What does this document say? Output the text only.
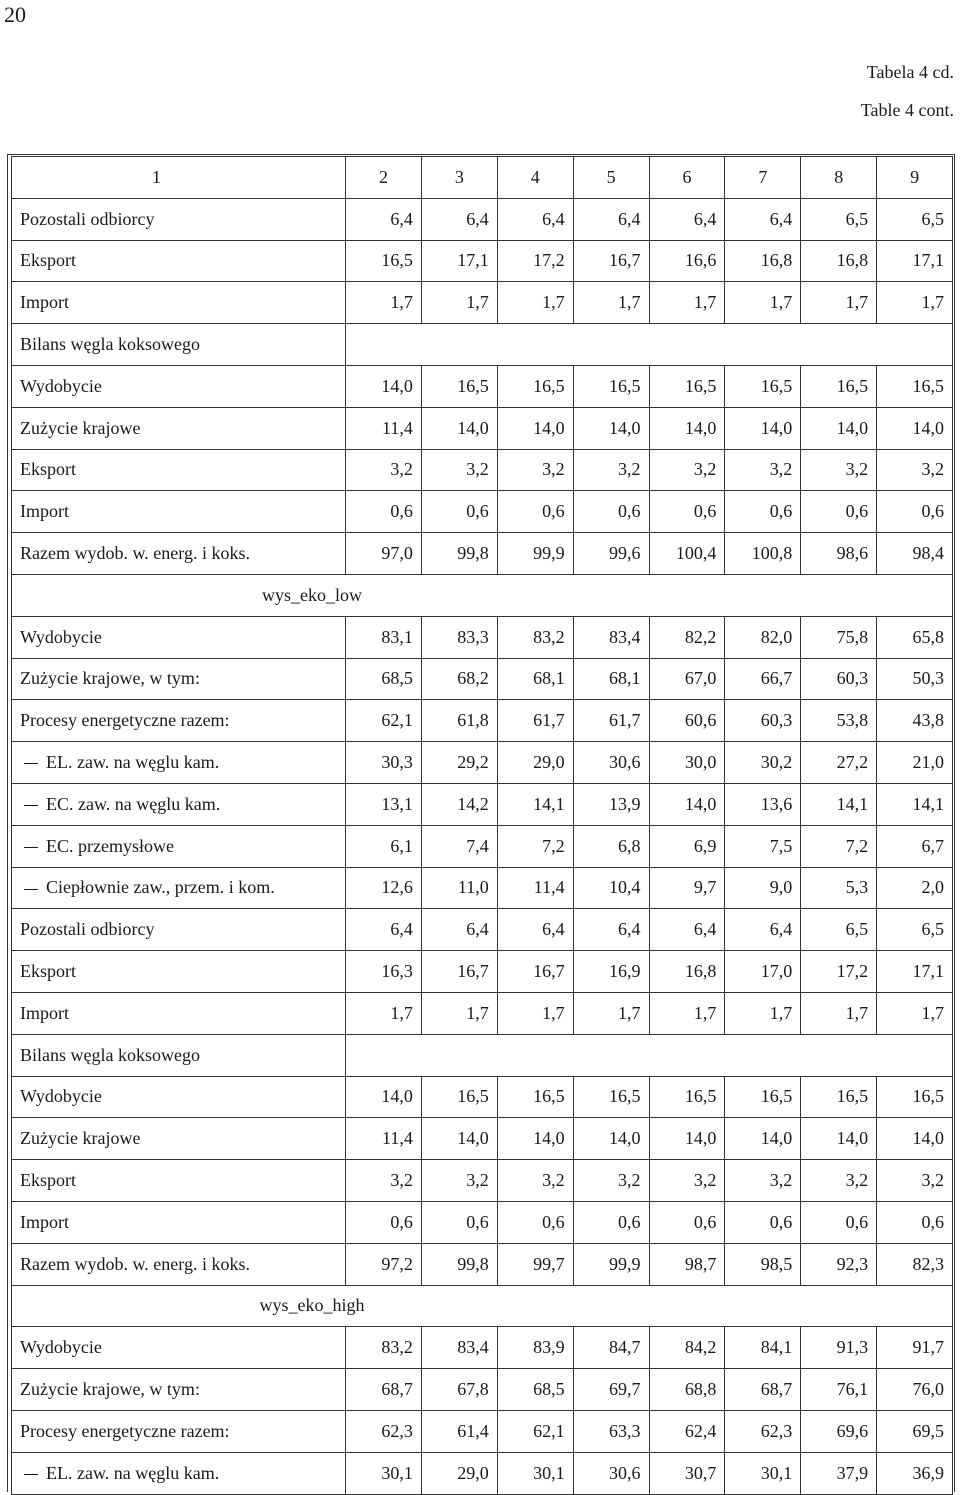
20
Tabela 4 cd.
Table 4 cont.
1	2	3	4	5	6	7	8	9
Pozostali odbiorcy	6,4	6,4	6,4	6,4	6,4	6,4	6,5	6,5
Eksport	16,5	17,1	17,2	16,7	16,6	16,8	16,8	17,1
Import	1,7	1,7	1,7	1,7	1,7	1,7	1,7	1,7
Bilans węgla koksowego								
Wydobycie	14,0	16,5	16,5	16,5	16,5	16,5	16,5	16,5
Zużycie krajowe	11,4	14,0	14,0	14,0	14,0	14,0	14,0	14,0
Eksport	3,2	3,2	3,2	3,2	3,2	3,2	3,2	3,2
Import	0,6	0,6	0,6	0,6	0,6	0,6	0,6	0,6
Razem wydob. w. energ. i koks.	97,0	99,8	99,9	99,6	100,4	100,8	98,6	98,4
wys_eko_low								
Wydobycie	83,1	83,3	83,2	83,4	82,2	82,0	75,8	65,8
Zużycie krajowe, w tym:	68,5	68,2	68,1	68,1	67,0	66,7	60,3	50,3
Procesy energetyczne razem:	62,1	61,8	61,7	61,7	60,6	60,3	53,8	43,8
EL. zaw. na węglu kam.	30,3	29,2	29,0	30,6	30,0	30,2	27,2	21,0
EC. zaw. na węglu kam.	13,1	14,2	14,1	13,9	14,0	13,6	14,1	14,1
EC. przemysłowe	6,1	7,4	7,2	6,8	6,9	7,5	7,2	6,7
Ciepłownie zaw., przem. i kom.	12,6	11,0	11,4	10,4	9,7	9,0	5,3	2,0
Pozostali odbiorcy	6,4	6,4	6,4	6,4	6,4	6,4	6,5	6,5
Eksport	16,3	16,7	16,7	16,9	16,8	17,0	17,2	17,1
Import	1,7	1,7	1,7	1,7	1,7	1,7	1,7	1,7
Bilans węgla koksowego								
Wydobycie	14,0	16,5	16,5	16,5	16,5	16,5	16,5	16,5
Zużycie krajowe	11,4	14,0	14,0	14,0	14,0	14,0	14,0	14,0
Eksport	3,2	3,2	3,2	3,2	3,2	3,2	3,2	3,2
Import	0,6	0,6	0,6	0,6	0,6	0,6	0,6	0,6
Razem wydob. w. energ. i koks.	97,2	99,8	99,7	99,9	98,7	98,5	92,3	82,3
wys_eko_high								
Wydobycie	83,2	83,4	83,9	84,7	84,2	84,1	91,3	91,7
Zużycie krajowe, w tym:	68,7	67,8	68,5	69,7	68,8	68,7	76,1	76,0
Procesy energetyczne razem:	62,3	61,4	62,1	63,3	62,4	62,3	69,6	69,5
EL. zaw. na węglu kam.	30,1	29,0	30,1	30,6	30,7	30,1	37,9	36,9
